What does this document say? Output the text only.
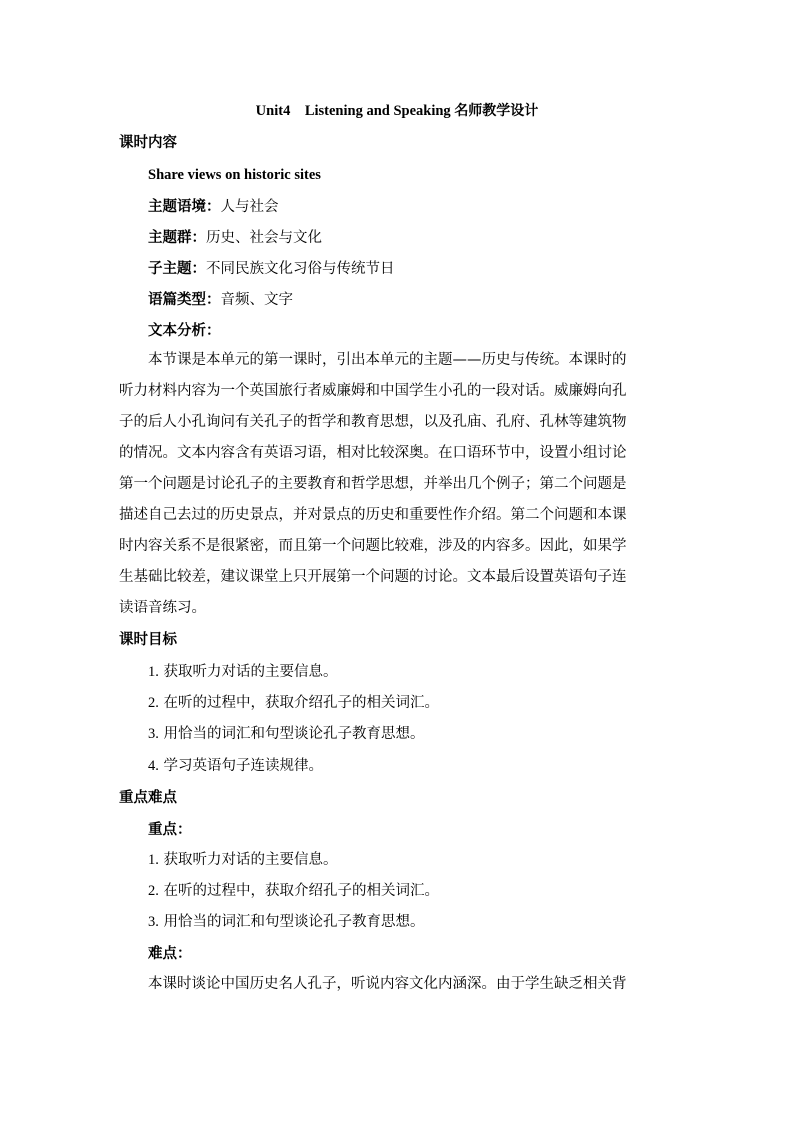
Unit4    Listening and Speaking 名师教学设计
课时内容
Share views on historic sites
主题语境：人与社会
主题群：历史、社会与文化
子主题：不同民族文化习俗与传统节日
语篇类型：音频、文字
文本分析：
本节课是本单元的第一课时，引出本单元的主题——历史与传统。本课时的
听力材料内容为一个英国旅行者威廉姆和中国学生小孔的一段对话。威廉姆向孔
子的后人小孔询问有关孔子的哲学和教育思想，以及孔庙、孔府、孔林等建筑物
的情况。文本内容含有英语习语，相对比较深奥。在口语环节中，设置小组讨论
第一个问题是讨论孔子的主要教育和哲学思想，并举出几个例子；第二个问题是
描述自己去过的历史景点，并对景点的历史和重要性作介绍。第二个问题和本课
时内容关系不是很紧密，而且第一个问题比较难，涉及的内容多。因此，如果学
生基础比较差，建议课堂上只开展第一个问题的讨论。文本最后设置英语句子连
读语音练习。
课时目标
1. 获取听力对话的主要信息。
2. 在听的过程中，获取介绍孔子的相关词汇。
3. 用恰当的词汇和句型谈论孔子教育思想。
4. 学习英语句子连读规律。
重点难点
重点：
1. 获取听力对话的主要信息。
2. 在听的过程中，获取介绍孔子的相关词汇。
3. 用恰当的词汇和句型谈论孔子教育思想。
难点：
本课时谈论中国历史名人孔子，听说内容文化内涵深。由于学生缺乏相关背
